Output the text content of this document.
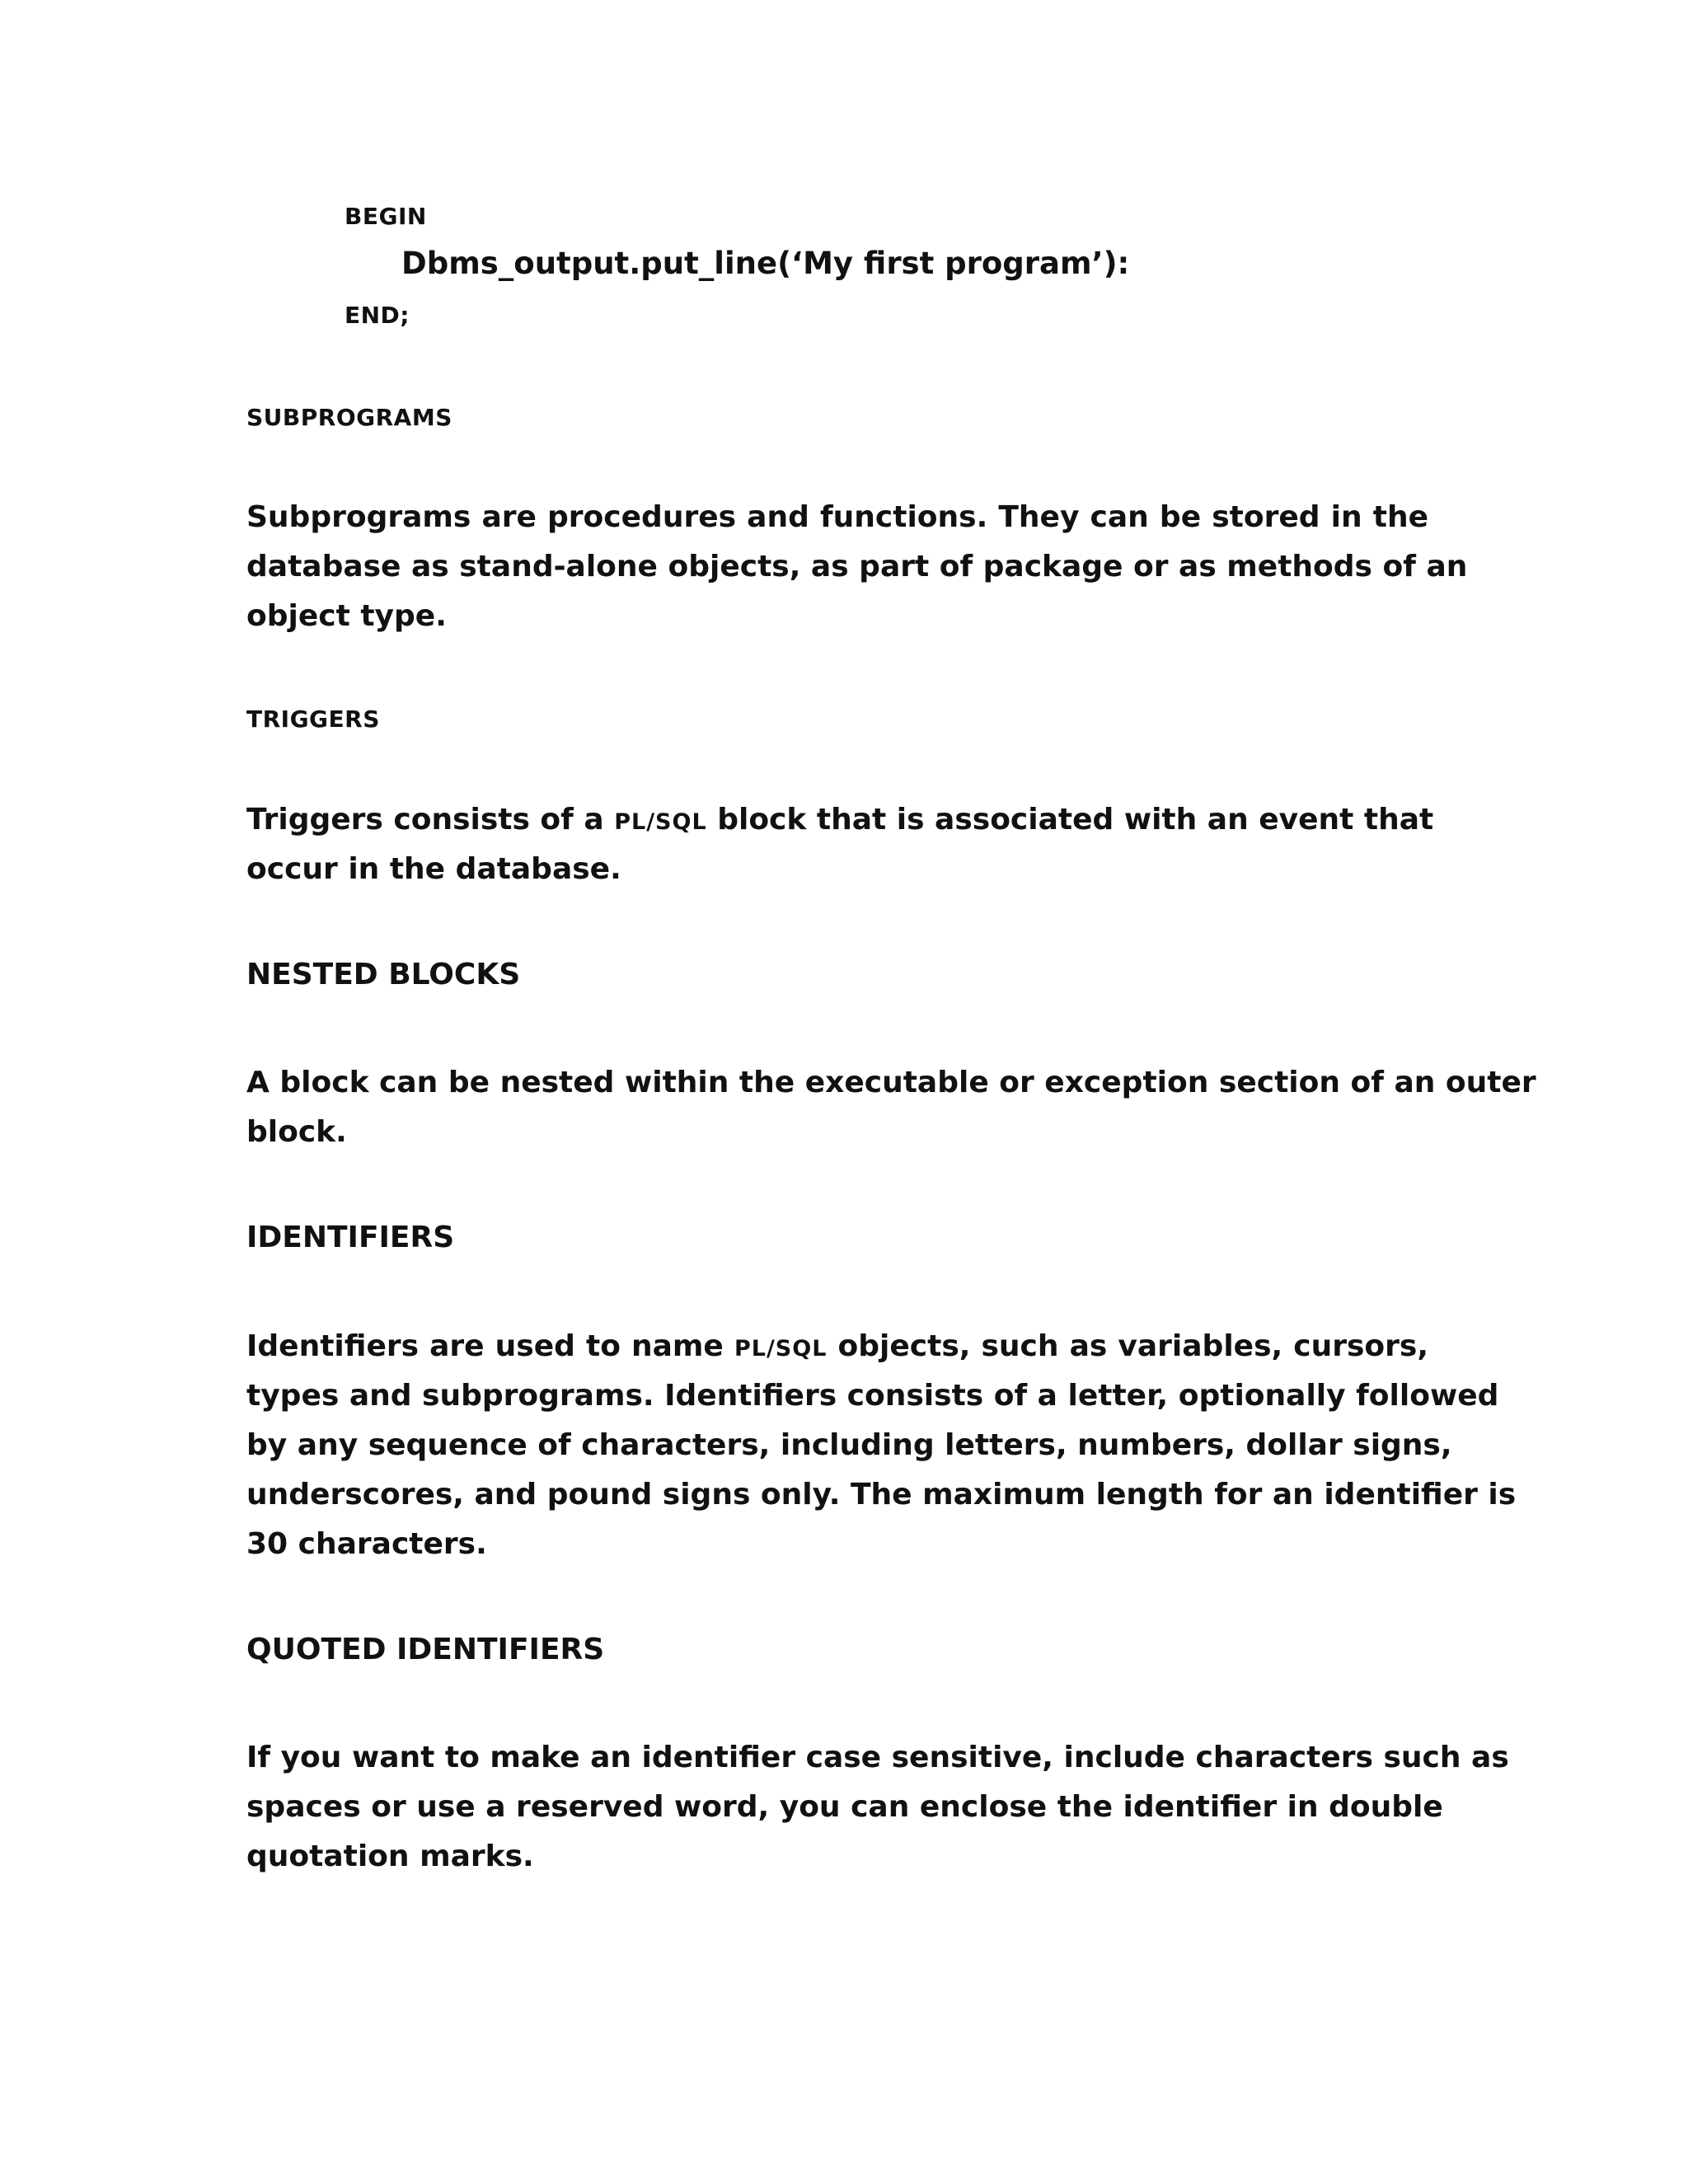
BEGIN
Dbms_output.put_line(‘My first program’):
END;
SUBPROGRAMS
Subprograms are procedures and functions. They can be stored in the
database as stand-alone objects, as part of package or as methods of an
object type.
TRIGGERS
Triggers consists of a PL/SQL block that is associated with an event that
occur in the database.
NESTED BLOCKS
A block can be nested within the executable or exception section of an outer
block.
IDENTIFIERS
Identifiers are used to name PL/SQL objects, such as variables, cursors,
types and subprograms. Identifiers consists of a letter, optionally followed
by any sequence of characters, including letters, numbers, dollar signs,
underscores, and pound signs only. The maximum length for an identifier is
30 characters.
QUOTED IDENTIFIERS
If you want to make an identifier case sensitive, include characters such as
spaces or use a reserved word, you can enclose the identifier in double
quotation marks.
